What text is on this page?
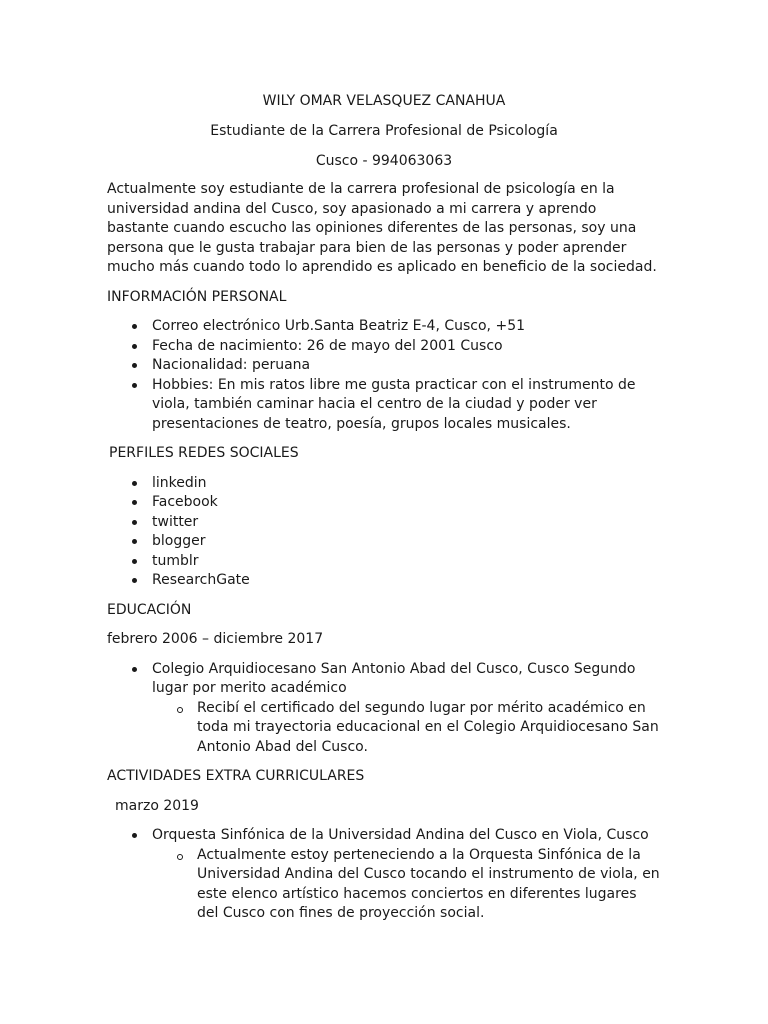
WILY OMAR VELASQUEZ CANAHUA

Estudiante de la Carrera Profesional de Psicología

Cusco - 994063063

Actualmente soy estudiante de la carrera profesional de psicología en la universidad andina del Cusco, soy apasionado a mi carrera y aprendo bastante cuando escucho las opiniones diferentes de las personas, soy una persona que le gusta trabajar para bien de las personas y poder aprender mucho más cuando todo lo aprendido es aplicado en beneficio de la sociedad.

INFORMACIÓN PERSONAL

Correo electrónico Urb.Santa Beatriz E-4, Cusco, +51
Fecha de nacimiento: 26 de mayo del 2001 Cusco
Nacionalidad: peruana
Hobbies: En mis ratos libre me gusta practicar con el instrumento de viola, también caminar hacia el centro de la ciudad y poder ver presentaciones de teatro, poesía, grupos locales musicales.

PERFILES REDES SOCIALES

linkedin
Facebook
twitter
blogger
tumblr
ResearchGate

EDUCACIÓN

febrero 2006 – diciembre 2017

Colegio Arquidiocesano San Antonio Abad del Cusco, Cusco Segundo lugar por merito académico
Recibí el certificado del segundo lugar por mérito académico en toda mi trayectoria educacional en el Colegio Arquidiocesano San Antonio Abad del Cusco.

ACTIVIDADES EXTRA CURRICULARES

marzo 2019

Orquesta Sinfónica de la Universidad Andina del Cusco en Viola, Cusco
Actualmente estoy perteneciendo a la Orquesta Sinfónica de la Universidad Andina del Cusco tocando el instrumento de viola, en este elenco artístico hacemos conciertos en diferentes lugares del Cusco con fines de proyección social.
